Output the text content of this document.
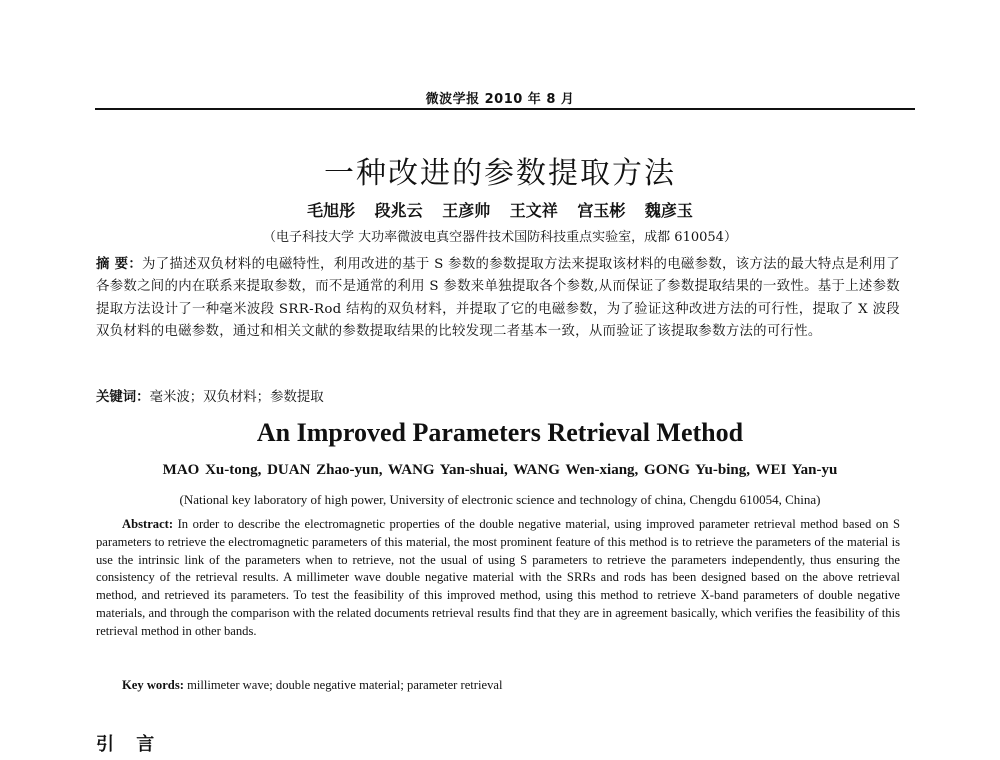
微波学报 2010 年 8 月
一种改进的参数提取方法
毛旭彤 段兆云 王彦帅 王文祥 宫玉彬 魏彦玉
（电子科技大学 大功率微波电真空器件技术国防科技重点实验室，成都 610054）
摘 要：为了描述双负材料的电磁特性，利用改进的基于 S 参数的参数提取方法来提取该材料的电磁参数，该方法的最大特点是利用了各参数之间的内在联系来提取参数，而不是通常的利用 S 参数来单独提取各个参数,从而保证了参数提取结果的一致性。基于上述参数提取方法设计了一种毫米波段 SRR-Rod 结构的双负材料，并提取了它的电磁参数，为了验证这种改进方法的可行性，提取了 X 波段双负材料的电磁参数，通过和相关文献的参数提取结果的比较发现二者基本一致，从而验证了该提取参数方法的可行性。
关键词：毫米波；双负材料；参数提取
An Improved Parameters Retrieval Method
MAO Xu-tong, DUAN Zhao-yun, WANG Yan-shuai, WANG Wen-xiang, GONG Yu-bing, WEI Yan-yu
(National key laboratory of high power, University of electronic science and technology of china, Chengdu 610054, China)
Abstract: In order to describe the electromagnetic properties of the double negative material, using improved parameter retrieval method based on S parameters to retrieve the electromagnetic parameters of this material, the most prominent feature of this method is to retrieve the parameters of the material is use the intrinsic link of the parameters when to retrieve, not the usual of using S parameters to retrieve the parameters independently, thus ensuring the consistency of the retrieval results. A millimeter wave double negative material with the SRRs and rods has been designed based on the above retrieval method, and retrieved its parameters. To test the feasibility of this improved method, using this method to retrieve X-band parameters of double negative materials, and through the comparison with the related documents retrieval results find that they are in agreement basically, which verifies the feasibility of this retrieval method in other bands.
Key words: millimeter wave; double negative material; parameter retrieval
引 言
